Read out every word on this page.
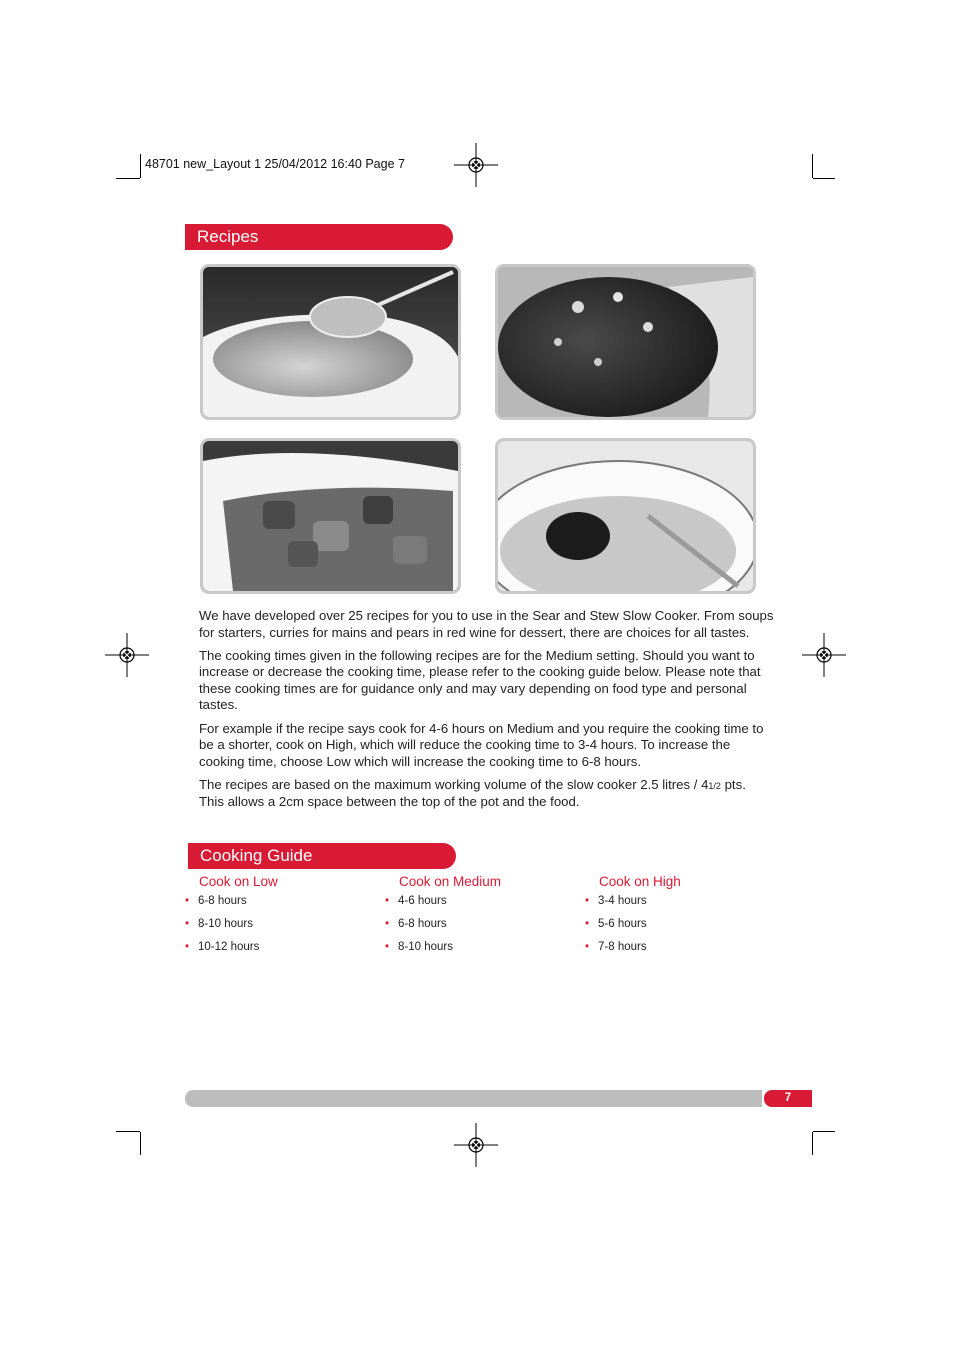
48701 new_Layout 1 25/04/2012 16:40 Page 7
Recipes

We have developed over 25 recipes for you to use in the Sear and Stew Slow Cooker. From soups for starters, curries for mains and pears in red wine for dessert, there are choices for all tastes.

The cooking times given in the following recipes are for the Medium setting. Should you want to increase or decrease the cooking time, please refer to the cooking guide below. Please note that these cooking times are for guidance only and may vary depending on food type and personal tastes.

For example if the recipe says cook for 4-6 hours on Medium and you require the cooking time to be a shorter, cook on High, which will reduce the cooking time to 3-4 hours. To increase the cooking time, choose Low which will increase the cooking time to 6-8 hours.

The recipes are based on the maximum working volume of the slow cooker 2.5 litres / 41/2 pts. This allows a 2cm space between the top of the pot and the food.

Cooking Guide
Cook on Low
• 6-8 hours
• 8-10 hours
• 10-12 hours
Cook on Medium
• 4-6 hours
• 6-8 hours
• 8-10 hours
Cook on High
• 3-4 hours
• 5-6 hours
• 7-8 hours
7
